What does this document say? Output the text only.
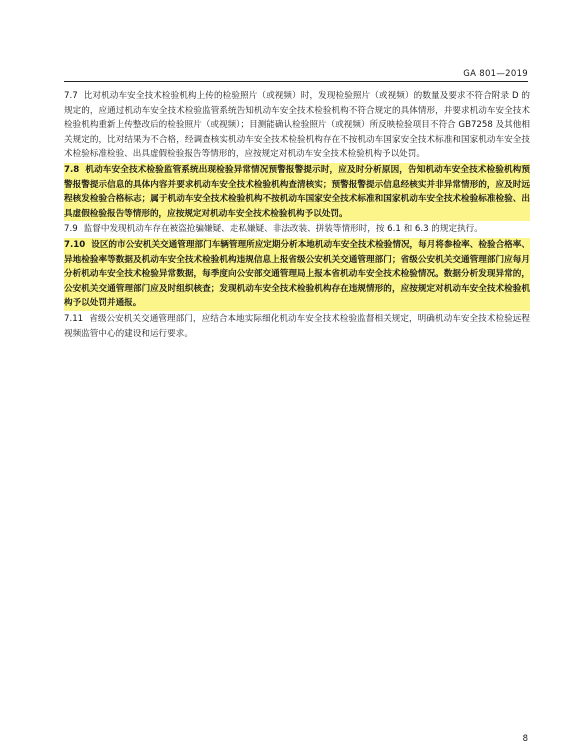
GA 801—2019

7.7 比对机动车安全技术检验机构上传的检验照片（或视频）时，发现检验照片（或视频）的数量及要求不符合附录 D 的规定的，应通过机动车安全技术检验监管系统告知机动车安全技术检验机构不符合规定的具体情形，并要求机动车安全技术检验机构重新上传整改后的检验照片（或视频）；目测能确认检验照片（或视频）所反映检验项目不符合 GB7258 及其他相关规定的，比对结果为不合格，经调查核实机动车安全技术检验机构存在不按机动车国家安全技术标准和国家机动车安全技术检验标准检验、出具虚假检验报告等情形的，应按规定对机动车安全技术检验机构予以处罚。

7.8 机动车安全技术检验监管系统出现检验异常情况预警报警提示时，应及时分析原因，告知机动车安全技术检验机构预警报警提示信息的具体内容并要求机动车安全技术检验机构查清核实；预警报警提示信息经核实并非异常情形的，应及时远程核发检验合格标志；属于机动车安全技术检验机构不按机动车国家安全技术标准和国家机动车安全技术检验标准检验、出具虚假检验报告等情形的，应按规定对机动车安全技术检验机构予以处罚。

7.9 监督中发现机动车存在被盗抢骗嫌疑、走私嫌疑、非法改装、拼装等情形时，按 6.1 和 6.3 的规定执行。

7.10 设区的市公安机关交通管理部门车辆管理所应定期分析本地机动车安全技术检验情况，每月将参检率、检验合格率、异地检验率等数据及机动车安全技术检验机构违规信息上报省级公安机关交通管理部门；省级公安机关交通管理部门应每月分析机动车安全技术检验异常数据，每季度向公安部交通管理局上报本省机动车安全技术检验情况。数据分析发现异常的，公安机关交通管理部门应及时组织核查；发现机动车安全技术检验机构存在违规情形的，应按规定对机动车安全技术检验机构予以处罚并通报。

7.11 省级公安机关交通管理部门，应结合本地实际细化机动车安全技术检验监督相关规定，明确机动车安全技术检验远程视频监管中心的建设和运行要求。

8
